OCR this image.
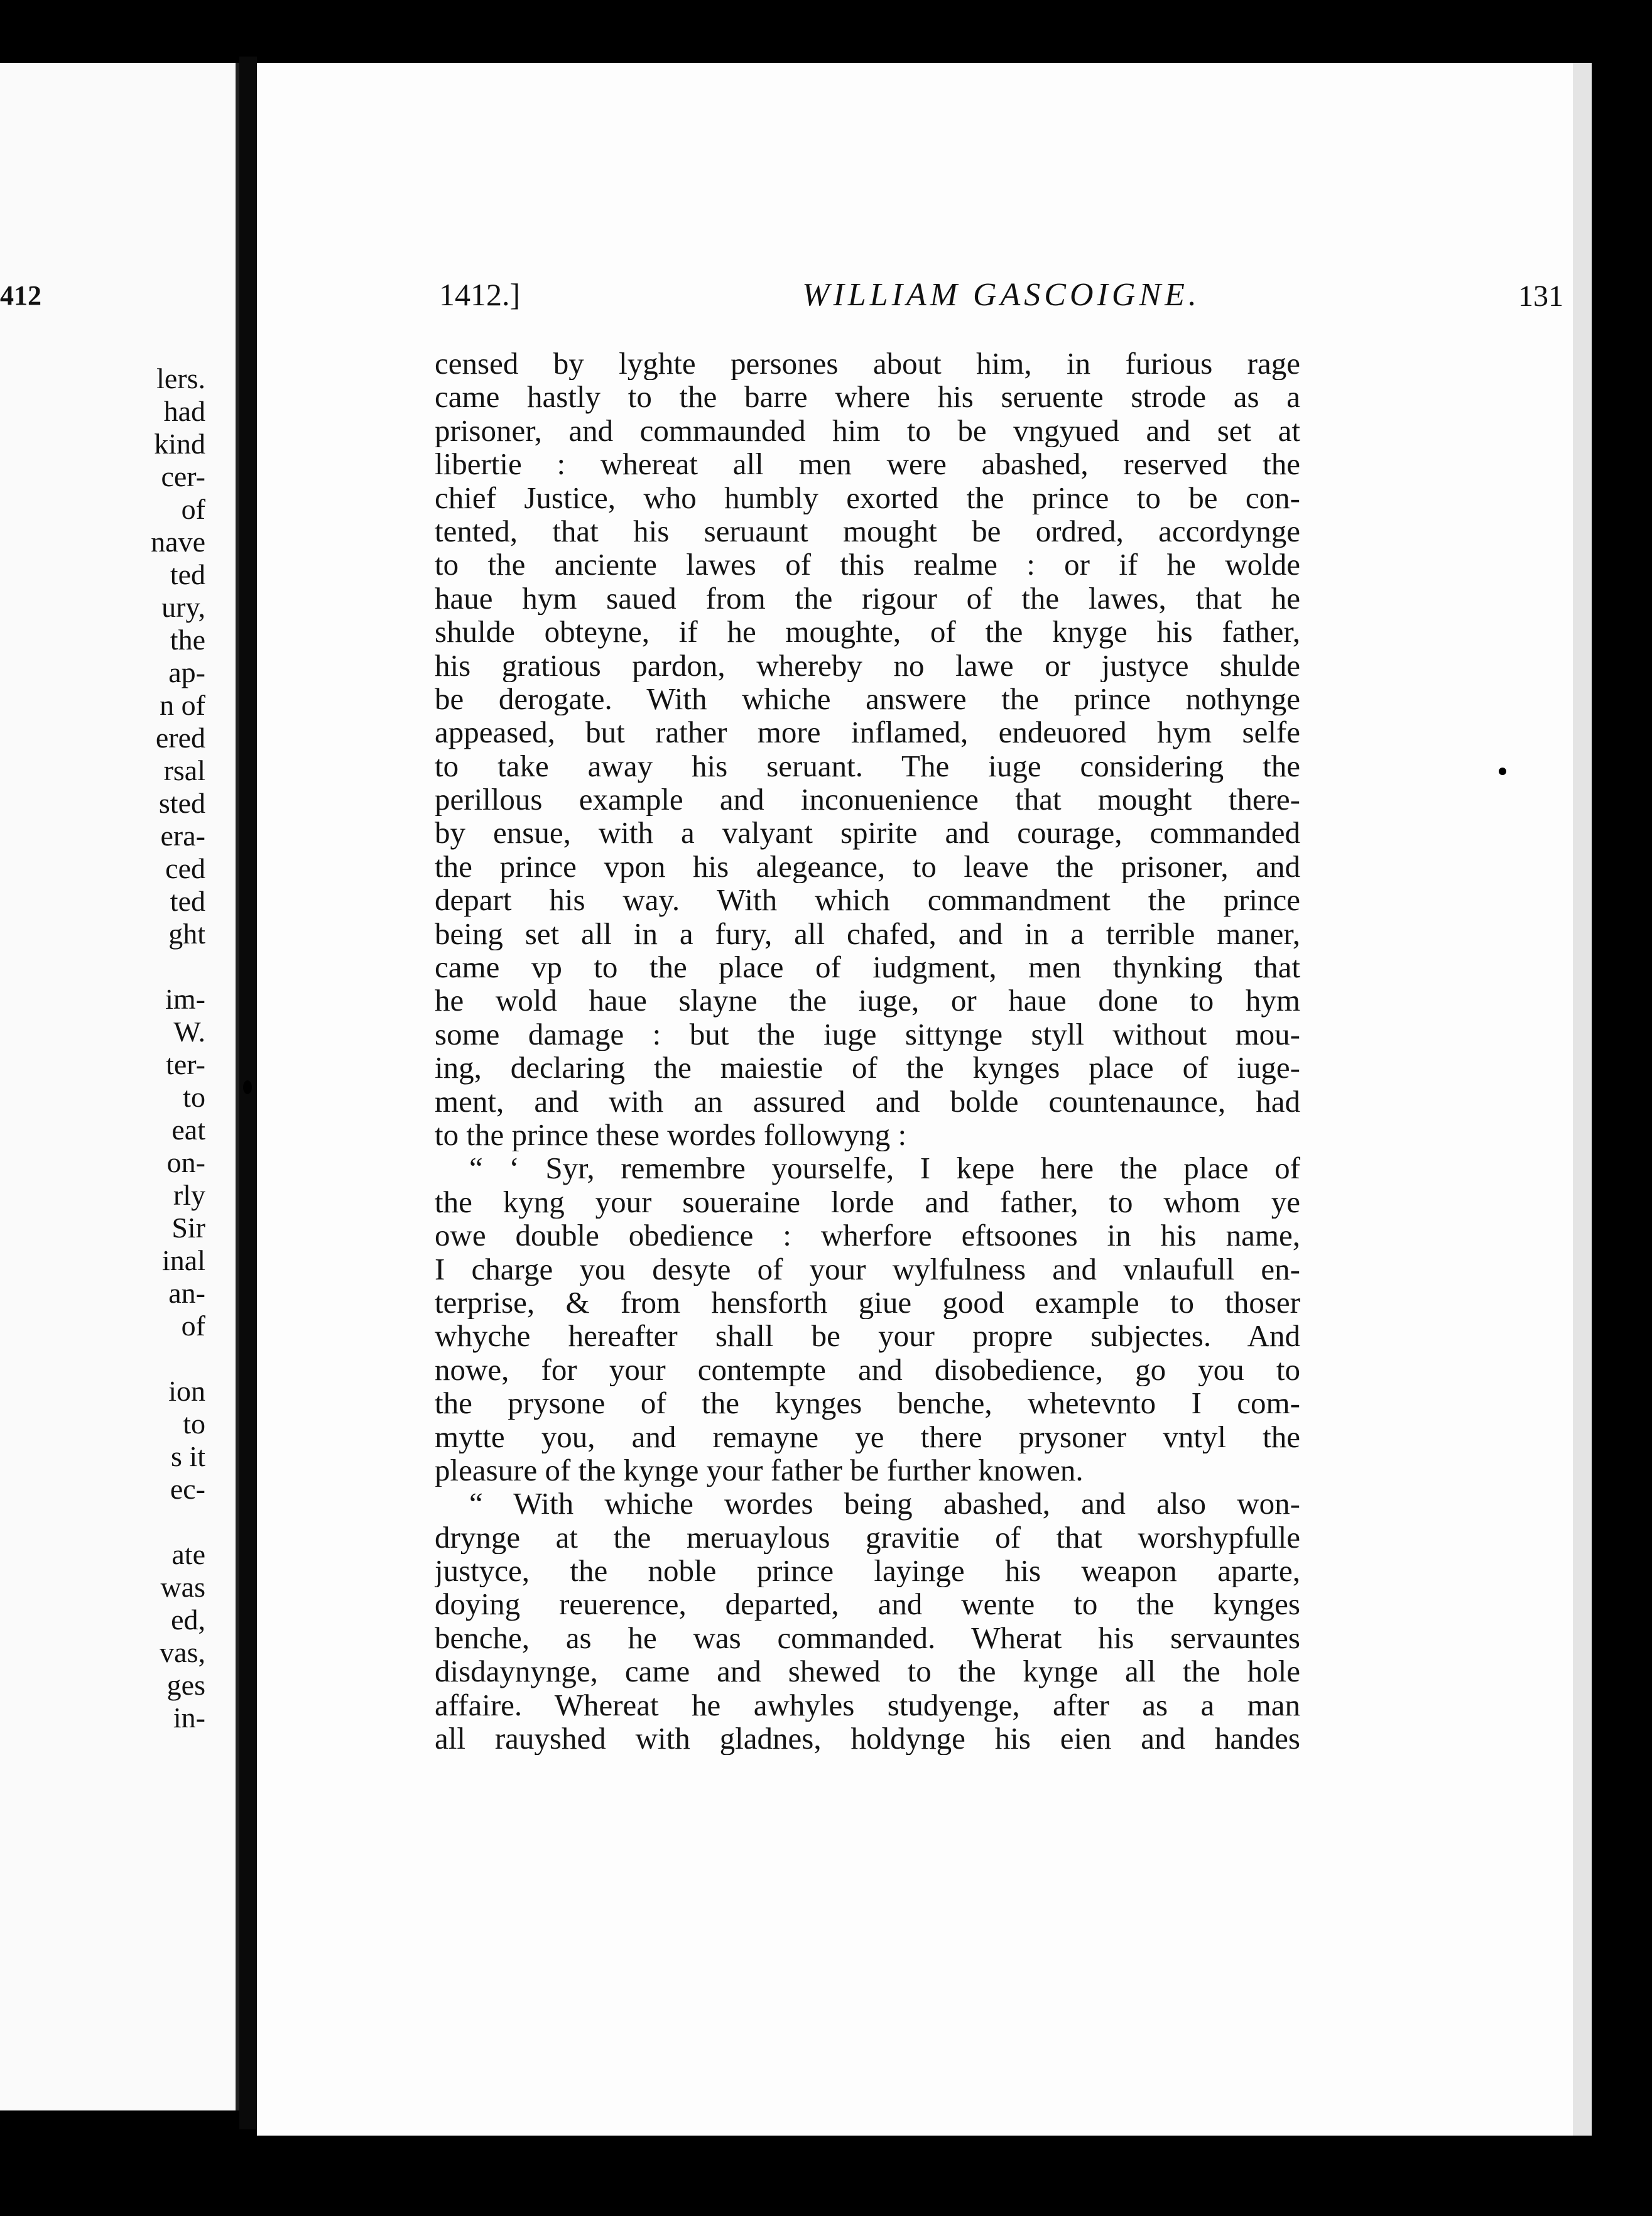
412
lers.
had
kind
cer-
of
nave
ted
ury,
the
ap-
n of
ered
rsal
sted
era-
ced
ted
ght
im-
W.
ter-
to
eat
on-
rly
Sir
inal
an-
of
ion
to
s it
ec-
ate
was
ed,
vas,
ges
in-
1412.]	WILLIAM GASCOIGNE.	131
censed by lyghte persones about him, in furious rage
came hastly to the barre where his seruente strode as a
prisoner, and commaunded him to be vngyued and set at
libertie : whereat all men were abashed, reserved the
chief Justice, who humbly exorted the prince to be con-
tented, that his seruaunt mought be ordred, accordynge
to the anciente lawes of this realme : or if he wolde
haue hym saued from the rigour of the lawes, that he
shulde obteyne, if he moughte, of the knyge his father,
his gratious pardon, whereby no lawe or justyce shulde
be derogate. With whiche answere the prince nothynge
appeased, but rather more inflamed, endeuored hym selfe
to take away his seruant. The iuge considering the
perillous example and inconuenience that mought there-
by ensue, with a valyant spirite and courage, commanded
the prince vpon his alegeance, to leave the prisoner, and
depart his way. With which commandment the prince
being set all in a fury, all chafed, and in a terrible maner,
came vp to the place of iudgment, men thynking that
he wold haue slayne the iuge, or haue done to hym
some damage : but the iuge sittynge styll without mou-
ing, declaring the maiestie of the kynges place of iuge-
ment, and with an assured and bolde countenaunce, had
to the prince these wordes followyng :
“ ‘ Syr, remembre yourselfe, I kepe here the place of
the kyng your soueraine lorde and father, to whom ye
owe double obedience : wherfore eftsoones in his name,
I charge you desyte of your wylfulness and vnlaufull en-
terprise, & from hensforth giue good example to thoser
whyche hereafter shall be your propre subjectes. And
nowe, for your contempte and disobedience, go you to
the prysone of the kynges benche, whetevnto I com-
mytte you, and remayne ye there prysoner vntyl the
pleasure of the kynge your father be further knowen.
“ With whiche wordes being abashed, and also won-
drynge at the meruaylous gravitie of that worshypfulle
justyce, the noble prince layinge his weapon aparte,
doying reuerence, departed, and wente to the kynges
benche, as he was commanded. Wherat his servauntes
disdaynynge, came and shewed to the kynge all the hole
affaire. Whereat he awhyles studyenge, after as a man
all rauyshed with gladnes, holdynge his eien and handes
